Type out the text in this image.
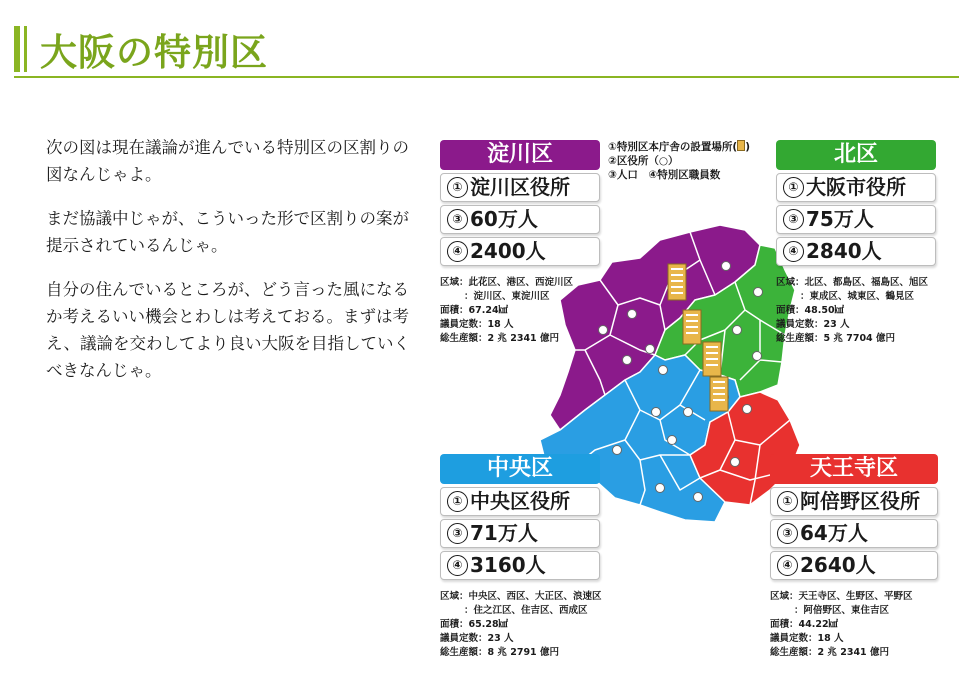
大阪の特別区

次の図は現在議論が進んでいる特別区の区割りの図なんじゃよ。

まだ協議中じゃが、こういった形で区割りの案が提示されているんじゃ。

自分の住んでいるところが、どう言った風になるか考えるいい機会とわしは考えておる。まずは考え、議論を交わしてより良い大阪を目指していくべきなんじゃ。

①特別区本庁舎の設置場所( )
②区役所（○）
③人口　④特別区職員数
淀川区
① 淀川区役所
③ 60万人
④ 2400人
区域：此花区、港区、西淀川区
：淀川区、東淀川区
面積：67.24㎢
議員定数：18 人
総生産額：2 兆 2341 億円
北区
① 大阪市役所
③ 75万人
④ 2840人
区域：北区、都島区、福島区、旭区
：東成区、城東区、鶴見区
面積：48.50㎢
議員定数：23 人
総生産額：5 兆 7704 億円
中央区
① 中央区役所
③ 71万人
④ 3160人
区域：中央区、西区、大正区、浪速区
：住之江区、住吉区、西成区
面積：65.28㎢
議員定数：23 人
総生産額：8 兆 2791 億円
天王寺区
① 阿倍野区役所
③ 64万人
④ 2640人
区域：天王寺区、生野区、平野区
：阿倍野区、東住吉区
面積：44.22㎢
議員定数：18 人
総生産額：2 兆 2341 億円
